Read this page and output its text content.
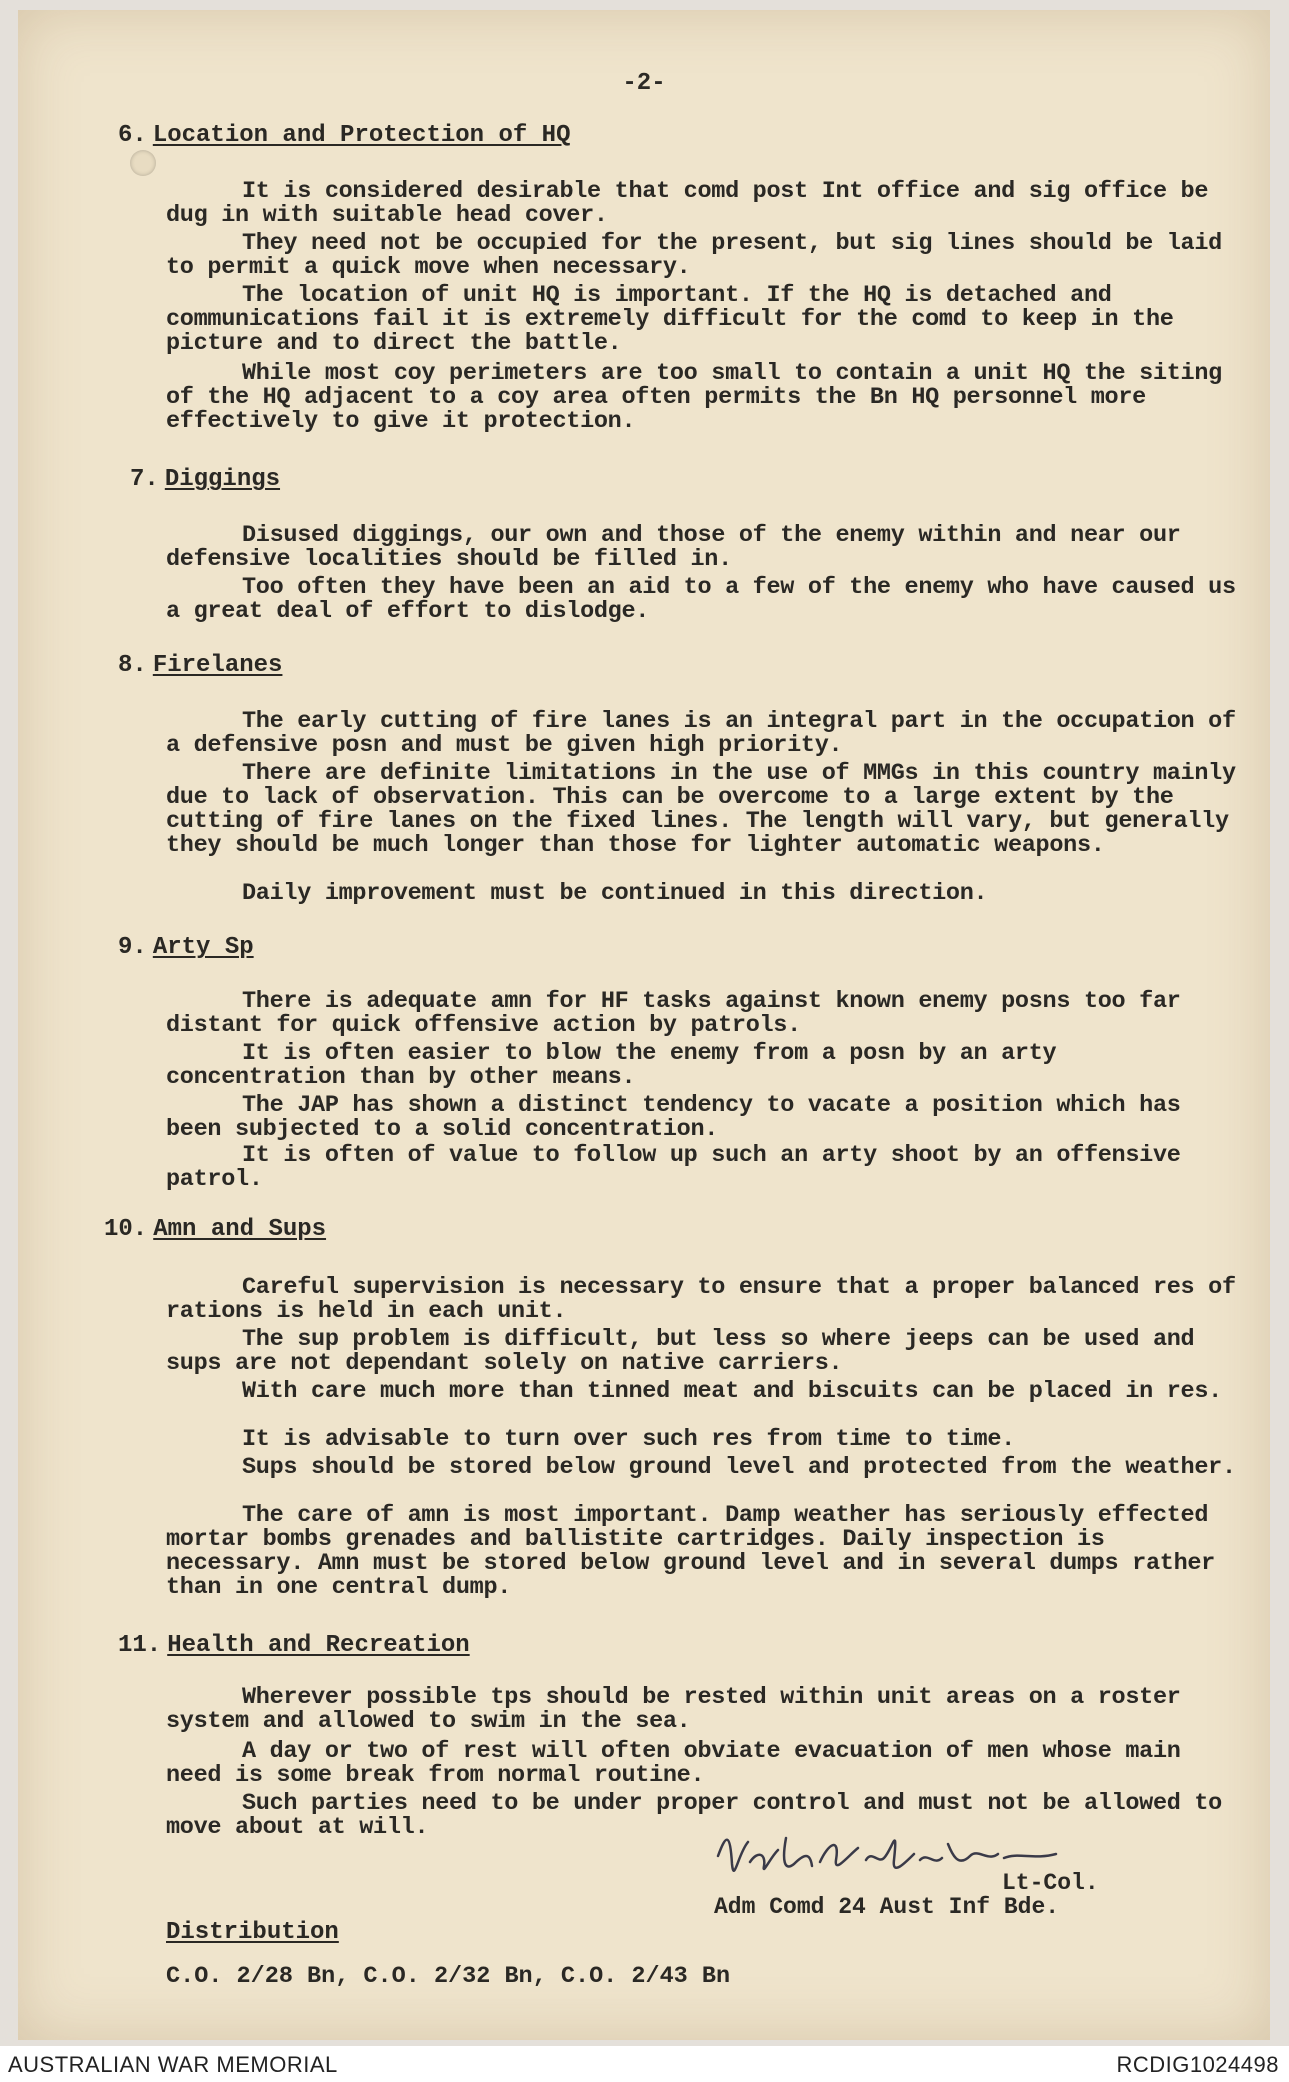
-2-
6. Location and Protection of HQ

It is considered desirable that comd post Int office and sig office be dug in with suitable head cover.

They need not be occupied for the present, but sig lines should be laid to permit a quick move when necessary.

The location of unit HQ is important. If the HQ is detached and communications fail it is extremely difficult for the comd to keep in the picture and to direct the battle.

While most coy perimeters are too small to contain a unit HQ the siting of the HQ adjacent to a coy area often permits the Bn HQ personnel more effectively to give it protection.

7. Diggings

Disused diggings, our own and those of the enemy within and near our defensive localities should be filled in.

Too often they have been an aid to a few of the enemy who have caused us a great deal of effort to dislodge.

8. Firelanes

The early cutting of fire lanes is an integral part in the occupation of a defensive posn and must be given high priority.

There are definite limitations in the use of MMGs in this country mainly due to lack of observation. This can be overcome to a large extent by the cutting of fire lanes on the fixed lines. The length will vary, but generally they should be much longer than those for lighter automatic weapons.

Daily improvement must be continued in this direction.

9. Arty Sp

There is adequate amn for HF tasks against known enemy posns too far distant for quick offensive action by patrols.

It is often easier to blow the enemy from a posn by an arty concentration than by other means.

The JAP has shown a distinct tendency to vacate a position which has been subjected to a solid concentration.

It is often of value to follow up such an arty shoot by an offensive patrol.

10. Amn and Sups

Careful supervision is necessary to ensure that a proper balanced res of rations is held in each unit.

The sup problem is difficult, but less so where jeeps can be used and sups are not dependant solely on native carriers.

With care much more than tinned meat and biscuits can be placed in res.

It is advisable to turn over such res from time to time.

Sups should be stored below ground level and protected from the weather.

The care of amn is most important. Damp weather has seriously effected mortar bombs grenades and ballistite cartridges. Daily inspection is necessary. Amn must be stored below ground level and in several dumps rather than in one central dump.

11. Health and Recreation

Wherever possible tps should be rested within unit areas on a roster system and allowed to swim in the sea.

A day or two of rest will often obviate evacuation of men whose main need is some break from normal routine.

Such parties need to be under proper control and must not be allowed to move about at will.

Lt-Col.
Adm Comd 24 Aust Inf Bde.
Distribution
C.O. 2/28 Bn, C.O. 2/32 Bn, C.O. 2/43 Bn
AUSTRALIAN WAR MEMORIAL	RCDIG1024498
